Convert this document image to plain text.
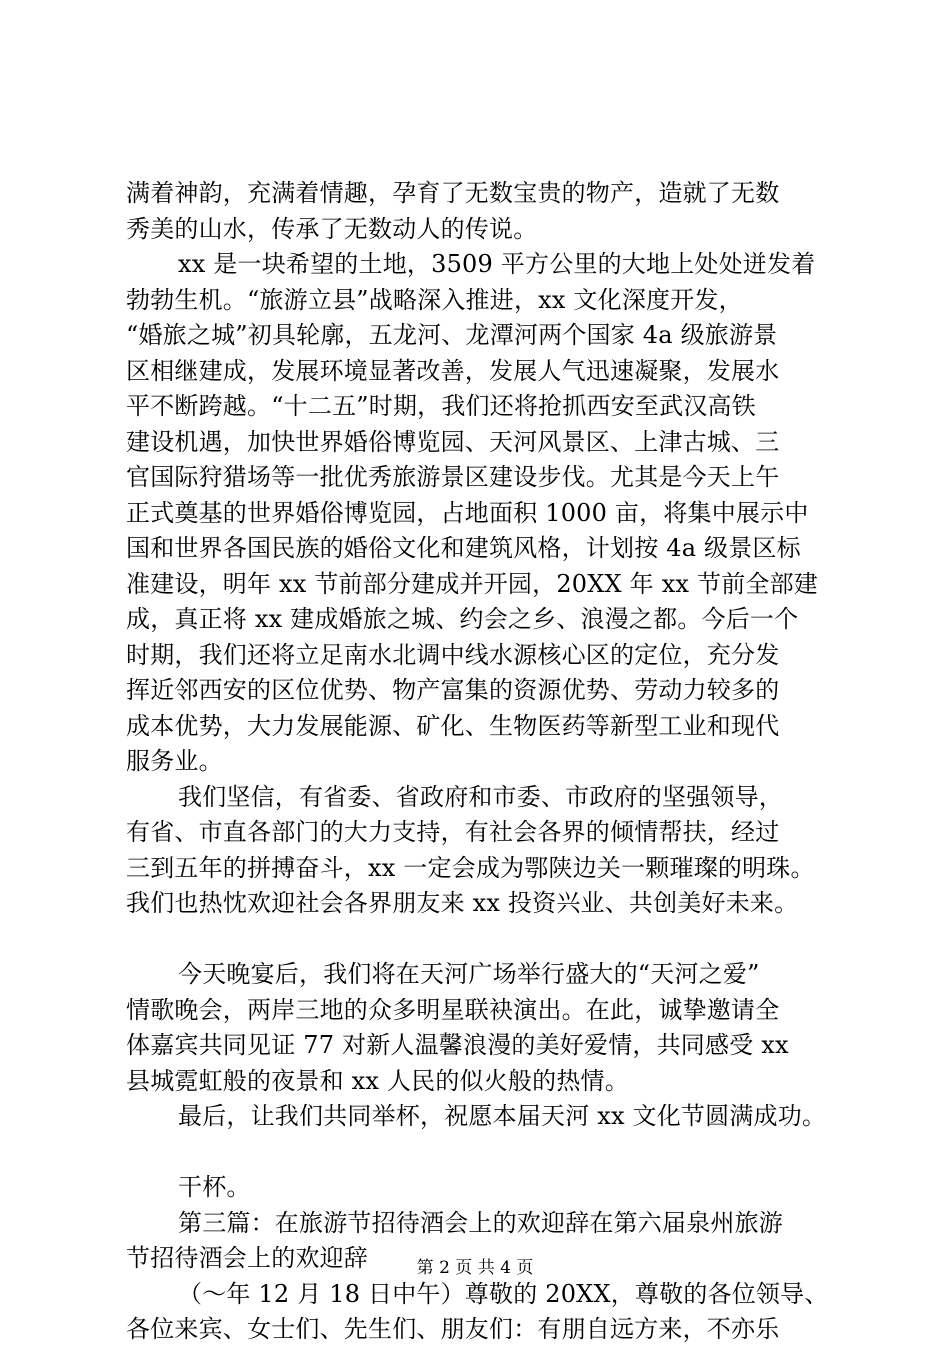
满着神韵，充满着情趣，孕育了无数宝贵的物产，造就了无数
秀美的山水，传承了无数动人的传说。
xx 是一块希望的土地，3509 平方公里的大地上处处迸发着
勃勃生机。“旅游立县”战略深入推进，xx 文化深度开发，
“婚旅之城”初具轮廓，五龙河、龙潭河两个国家 4a 级旅游景
区相继建成，发展环境显著改善，发展人气迅速凝聚，发展水
平不断跨越。“十二五”时期，我们还将抢抓西安至武汉高铁
建设机遇，加快世界婚俗博览园、天河风景区、上津古城、三
官国际狩猎场等一批优秀旅游景区建设步伐。尤其是今天上午
正式奠基的世界婚俗博览园，占地面积 1000 亩，将集中展示中
国和世界各国民族的婚俗文化和建筑风格，计划按 4a 级景区标
准建设，明年 xx 节前部分建成并开园，20XX 年 xx 节前全部建
成，真正将 xx 建成婚旅之城、约会之乡、浪漫之都。今后一个
时期，我们还将立足南水北调中线水源核心区的定位，充分发
挥近邻西安的区位优势、物产富集的资源优势、劳动力较多的
成本优势，大力发展能源、矿化、生物医药等新型工业和现代
服务业。
我们坚信，有省委、省政府和市委、市政府的坚强领导，
有省、市直各部门的大力支持，有社会各界的倾情帮扶，经过
三到五年的拼搏奋斗，xx 一定会成为鄂陕边关一颗璀璨的明珠。
我们也热忱欢迎社会各界朋友来 xx 投资兴业、共创美好未来。
今天晚宴后，我们将在天河广场举行盛大的“天河之爱”
情歌晚会，两岸三地的众多明星联袂演出。在此，诚挚邀请全
体嘉宾共同见证 77 对新人温馨浪漫的美好爱情，共同感受 xx
县城霓虹般的夜景和 xx 人民的似火般的热情。
最后，让我们共同举杯，祝愿本届天河 xx 文化节圆满成功。
干杯。
第三篇：在旅游节招待酒会上的欢迎辞在第六届泉州旅游
节招待酒会上的欢迎辞
（～年 12 月 18 日中午）尊敬的 20XX，尊敬的各位领导、
各位来宾、女士们、先生们、朋友们：有朋自远方来，不亦乐
第 2 页 共 4 页
